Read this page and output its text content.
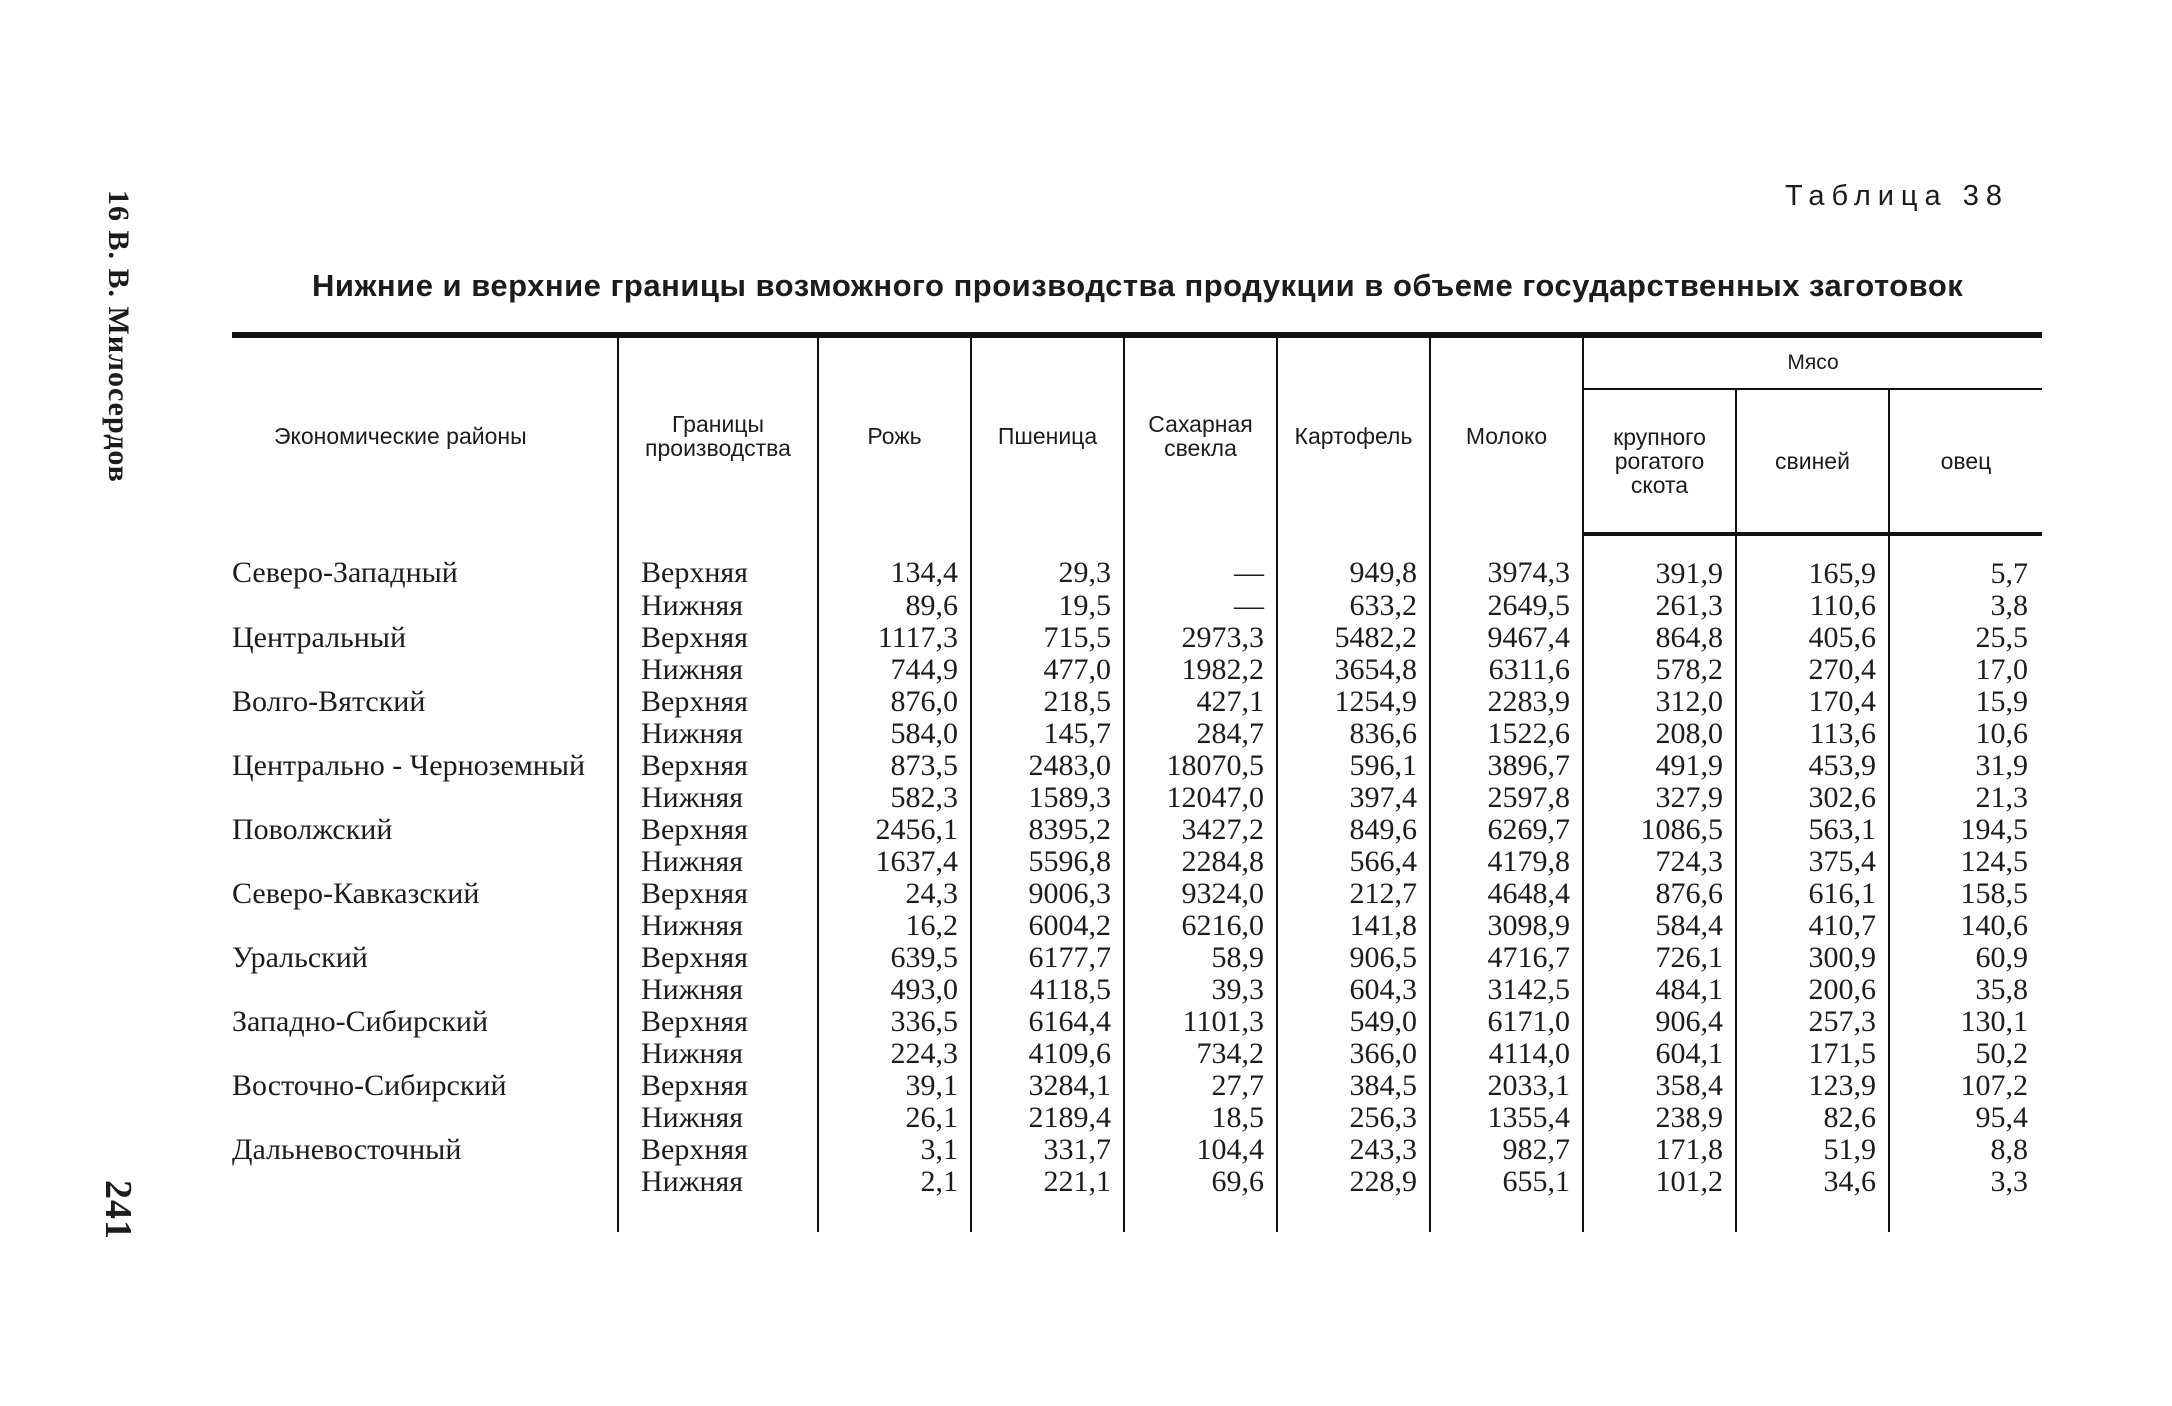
16 В. В. Милосердов
241
Таблица 38
Нижние и верхние границы возможного производства продукции в объеме государственных заготовок
Экономические районы	Границы производства	Рожь	Пшеница	Сахарная свекла	Картофель	Молоко	Мясо		
							крупного рогатого скота	свиней	овец
Северо-Западный	Верхняя	134,4	29,3	—	949,8	3974,3	391,9	165,9	5,7
	Нижняя	89,6	19,5	—	633,2	2649,5	261,3	110,6	3,8
Центральный	Верхняя	1117,3	715,5	2973,3	5482,2	9467,4	864,8	405,6	25,5
	Нижняя	744,9	477,0	1982,2	3654,8	6311,6	578,2	270,4	17,0
Волго-Вятский	Верхняя	876,0	218,5	427,1	1254,9	2283,9	312,0	170,4	15,9
	Нижняя	584,0	145,7	284,7	836,6	1522,6	208,0	113,6	10,6
Центрально - Черноземный	Верхняя	873,5	2483,0	18070,5	596,1	3896,7	491,9	453,9	31,9
	Нижняя	582,3	1589,3	12047,0	397,4	2597,8	327,9	302,6	21,3
Поволжский	Верхняя	2456,1	8395,2	3427,2	849,6	6269,7	1086,5	563,1	194,5
	Нижняя	1637,4	5596,8	2284,8	566,4	4179,8	724,3	375,4	124,5
Северо-Кавказский	Верхняя	24,3	9006,3	9324,0	212,7	4648,4	876,6	616,1	158,5
	Нижняя	16,2	6004,2	6216,0	141,8	3098,9	584,4	410,7	140,6
Уральский	Верхняя	639,5	6177,7	58,9	906,5	4716,7	726,1	300,9	60,9
	Нижняя	493,0	4118,5	39,3	604,3	3142,5	484,1	200,6	35,8
Западно-Сибирский	Верхняя	336,5	6164,4	1101,3	549,0	6171,0	906,4	257,3	130,1
	Нижняя	224,3	4109,6	734,2	366,0	4114,0	604,1	171,5	50,2
Восточно-Сибирский	Верхняя	39,1	3284,1	27,7	384,5	2033,1	358,4	123,9	107,2
	Нижняя	26,1	2189,4	18,5	256,3	1355,4	238,9	82,6	95,4
Дальневосточный	Верхняя	3,1	331,7	104,4	243,3	982,7	171,8	51,9	8,8
	Нижняя	2,1	221,1	69,6	228,9	655,1	101,2	34,6	3,3
